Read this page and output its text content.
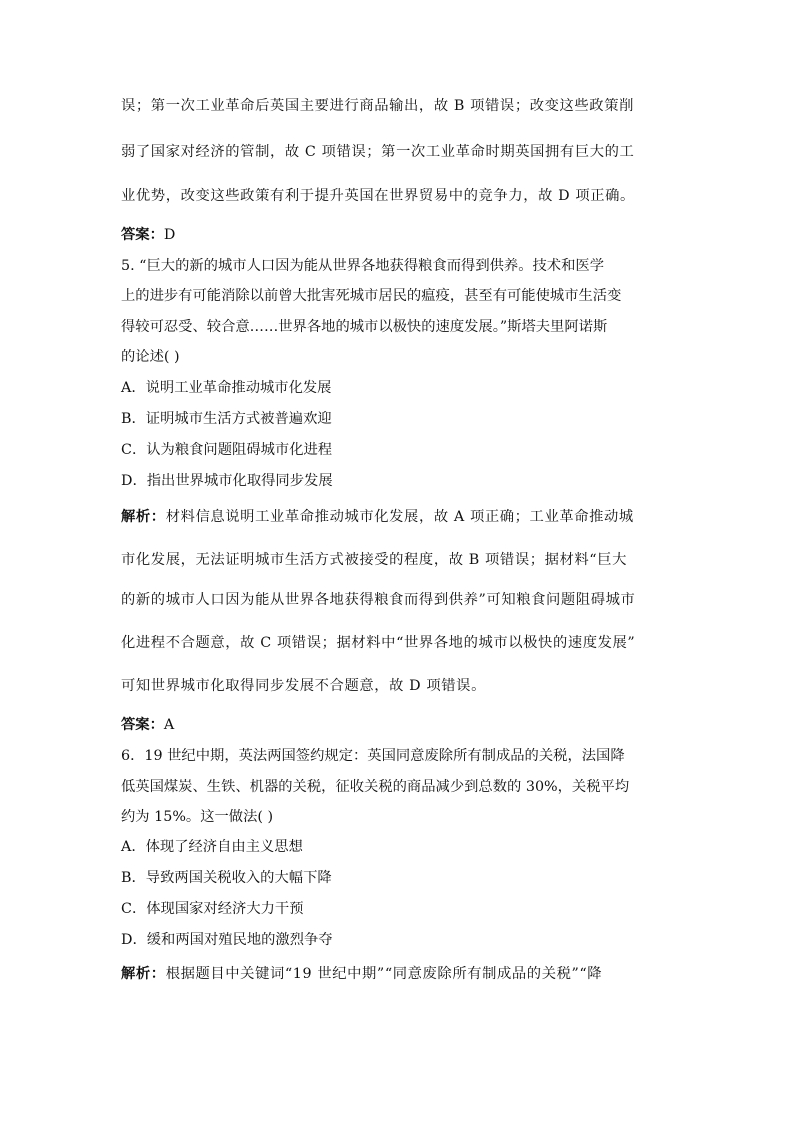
误；第一次工业革命后英国主要进行商品输出，故 B 项错误；改变这些政策削
弱了国家对经济的管制，故 C 项错误；第一次工业革命时期英国拥有巨大的工
业优势，改变这些政策有利于提升英国在世界贸易中的竞争力，故 D 项正确。
答案：D
5. “巨大的新的城市人口因为能从世界各地获得粮食而得到供养。技术和医学
上的进步有可能消除以前曾大批害死城市居民的瘟疫，甚至有可能使城市生活变
得较可忍受、较合意……世界各地的城市以极快的速度发展。”斯塔夫里阿诺斯
的论述( )
A．说明工业革命推动城市化发展
B．证明城市生活方式被普遍欢迎
C．认为粮食问题阻碍城市化进程
D．指出世界城市化取得同步发展
解析：材料信息说明工业革命推动城市化发展，故 A 项正确；工业革命推动城
市化发展，无法证明城市生活方式被接受的程度，故 B 项错误；据材料“巨大
的新的城市人口因为能从世界各地获得粮食而得到供养”可知粮食问题阻碍城市
化进程不合题意，故 C 项错误；据材料中“世界各地的城市以极快的速度发展”
可知世界城市化取得同步发展不合题意，故 D 项错误。
答案：A
6．19 世纪中期，英法两国签约规定：英国同意废除所有制成品的关税，法国降
低英国煤炭、生铁、机器的关税，征收关税的商品减少到总数的 30%，关税平均
约为 15%。这一做法( )
A．体现了经济自由主义思想
B．导致两国关税收入的大幅下降
C．体现国家对经济大力干预
D．缓和两国对殖民地的激烈争夺
解析：根据题目中关键词“19 世纪中期”“同意废除所有制成品的关税”“降
